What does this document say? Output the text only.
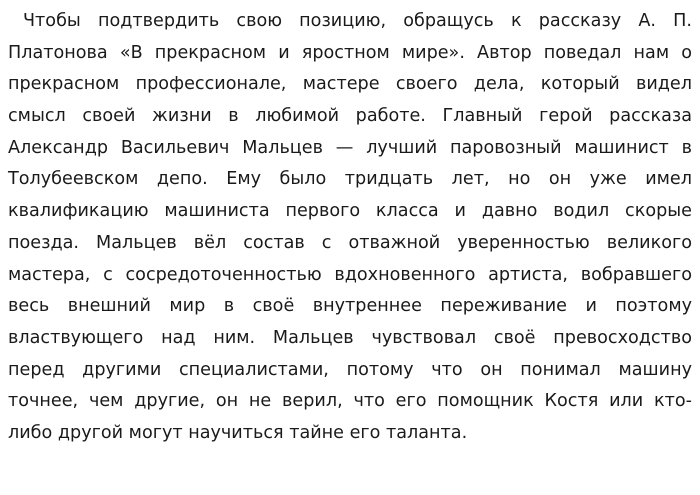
Чтобы подтвердить свою позицию, обращусь к рассказу А. П.
Платонова «В прекрасном и яростном мире». Автор поведал нам о
прекрасном профессионале, мастере своего дела, который видел
смысл своей жизни в любимой работе. Главный герой рассказа
Александр Васильевич Мальцев — лучший паровозный машинист в
Толубеевском депо. Ему было тридцать лет, но он уже имел
квалификацию машиниста первого класса и давно водил скорые
поезда. Мальцев вёл состав с отважной уверенностью великого
мастера, с сосредоточенностью вдохновенного артиста, вобравшего
весь внешний мир в своё внутреннее переживание и поэтому
властвующего над ним. Мальцев чувствовал своё превосходство
перед другими специалистами, потому что он понимал машину
точнее, чем другие, он не верил, что его помощник Костя или кто-
либо другой могут научиться тайне его таланта.
